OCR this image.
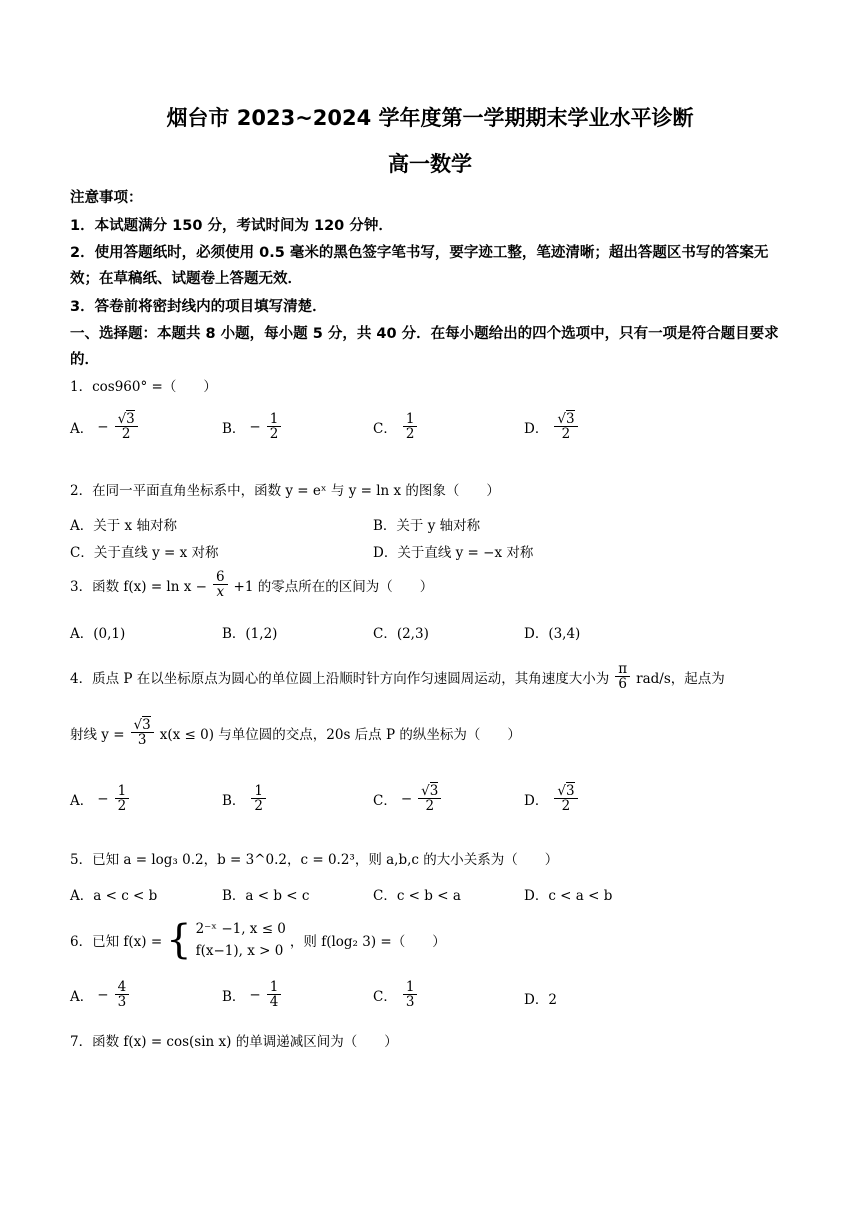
烟台市 2023~2024 学年度第一学期期末学业水平诊断
高一数学
注意事项：
1．本试题满分 150 分，考试时间为 120 分钟．
2．使用答题纸时，必须使用 0.5 毫米的黑色签字笔书写，要字迹工整，笔迹清晰；超出答题区书写的答案无效；在草稿纸、试题卷上答题无效．
3．答卷前将密封线内的项目填写清楚．
一、选择题：本题共 8 小题，每小题 5 分，共 40 分．在每小题给出的四个选项中，只有一项是符合题目要求的．
1．cos960° =（　　）
A． − $\frac{√3}{2}$	B． − $\frac{1}{2}$	C． $\frac{1}{2}$	D． $\frac{√3}{2}$
2．在同一平面直角坐标系中，函数 y = eˣ 与 y = ln x 的图象（　　）
A．关于 x 轴对称	B．关于 y 轴对称
C．关于直线 y = x 对称	D．关于直线 y = −x 对称
3．函数 $f(x) = \ln x - \frac{6}{x} +1$ 的零点所在的区间为（　　）
A．(0,1)	B．(1,2)	C．(2,3)	D．(3,4)
4．质点 P 在以坐标原点为圆心的单位圆上沿顺时针方向作匀速圆周运动，其角速度大小为 $\frac{\pi}{6} rad/s$，起点为
射线 $y = \frac{√3}{3} x(x \le 0)$ 与单位圆的交点，20s 后点 P 的纵坐标为（　　）
A． − $\frac{1}{2}$	B． $\frac{1}{2}$	C． − $\frac{√3}{2}$	D． $\frac{√3}{2}$
5．已知 a = log₃ 0.2，b = 3^0.2，c = 0.2³，则 a,b,c 的大小关系为（　　）
A．a < c < b	B．a < b < c	C．c < b < a	D．c < a < b
6．已知 f(x) = { 2⁻ˣ −1, x ≤ 0
f(x−1), x > 0
，则 f(log₂ 3) =（　　）
A． − $\frac{4}{3}$	B． − $\frac{1}{4}$	C． $\frac{1}{3}$	D．2
7．函数 f(x) = cos(sin x) 的单调递减区间为（　　）
